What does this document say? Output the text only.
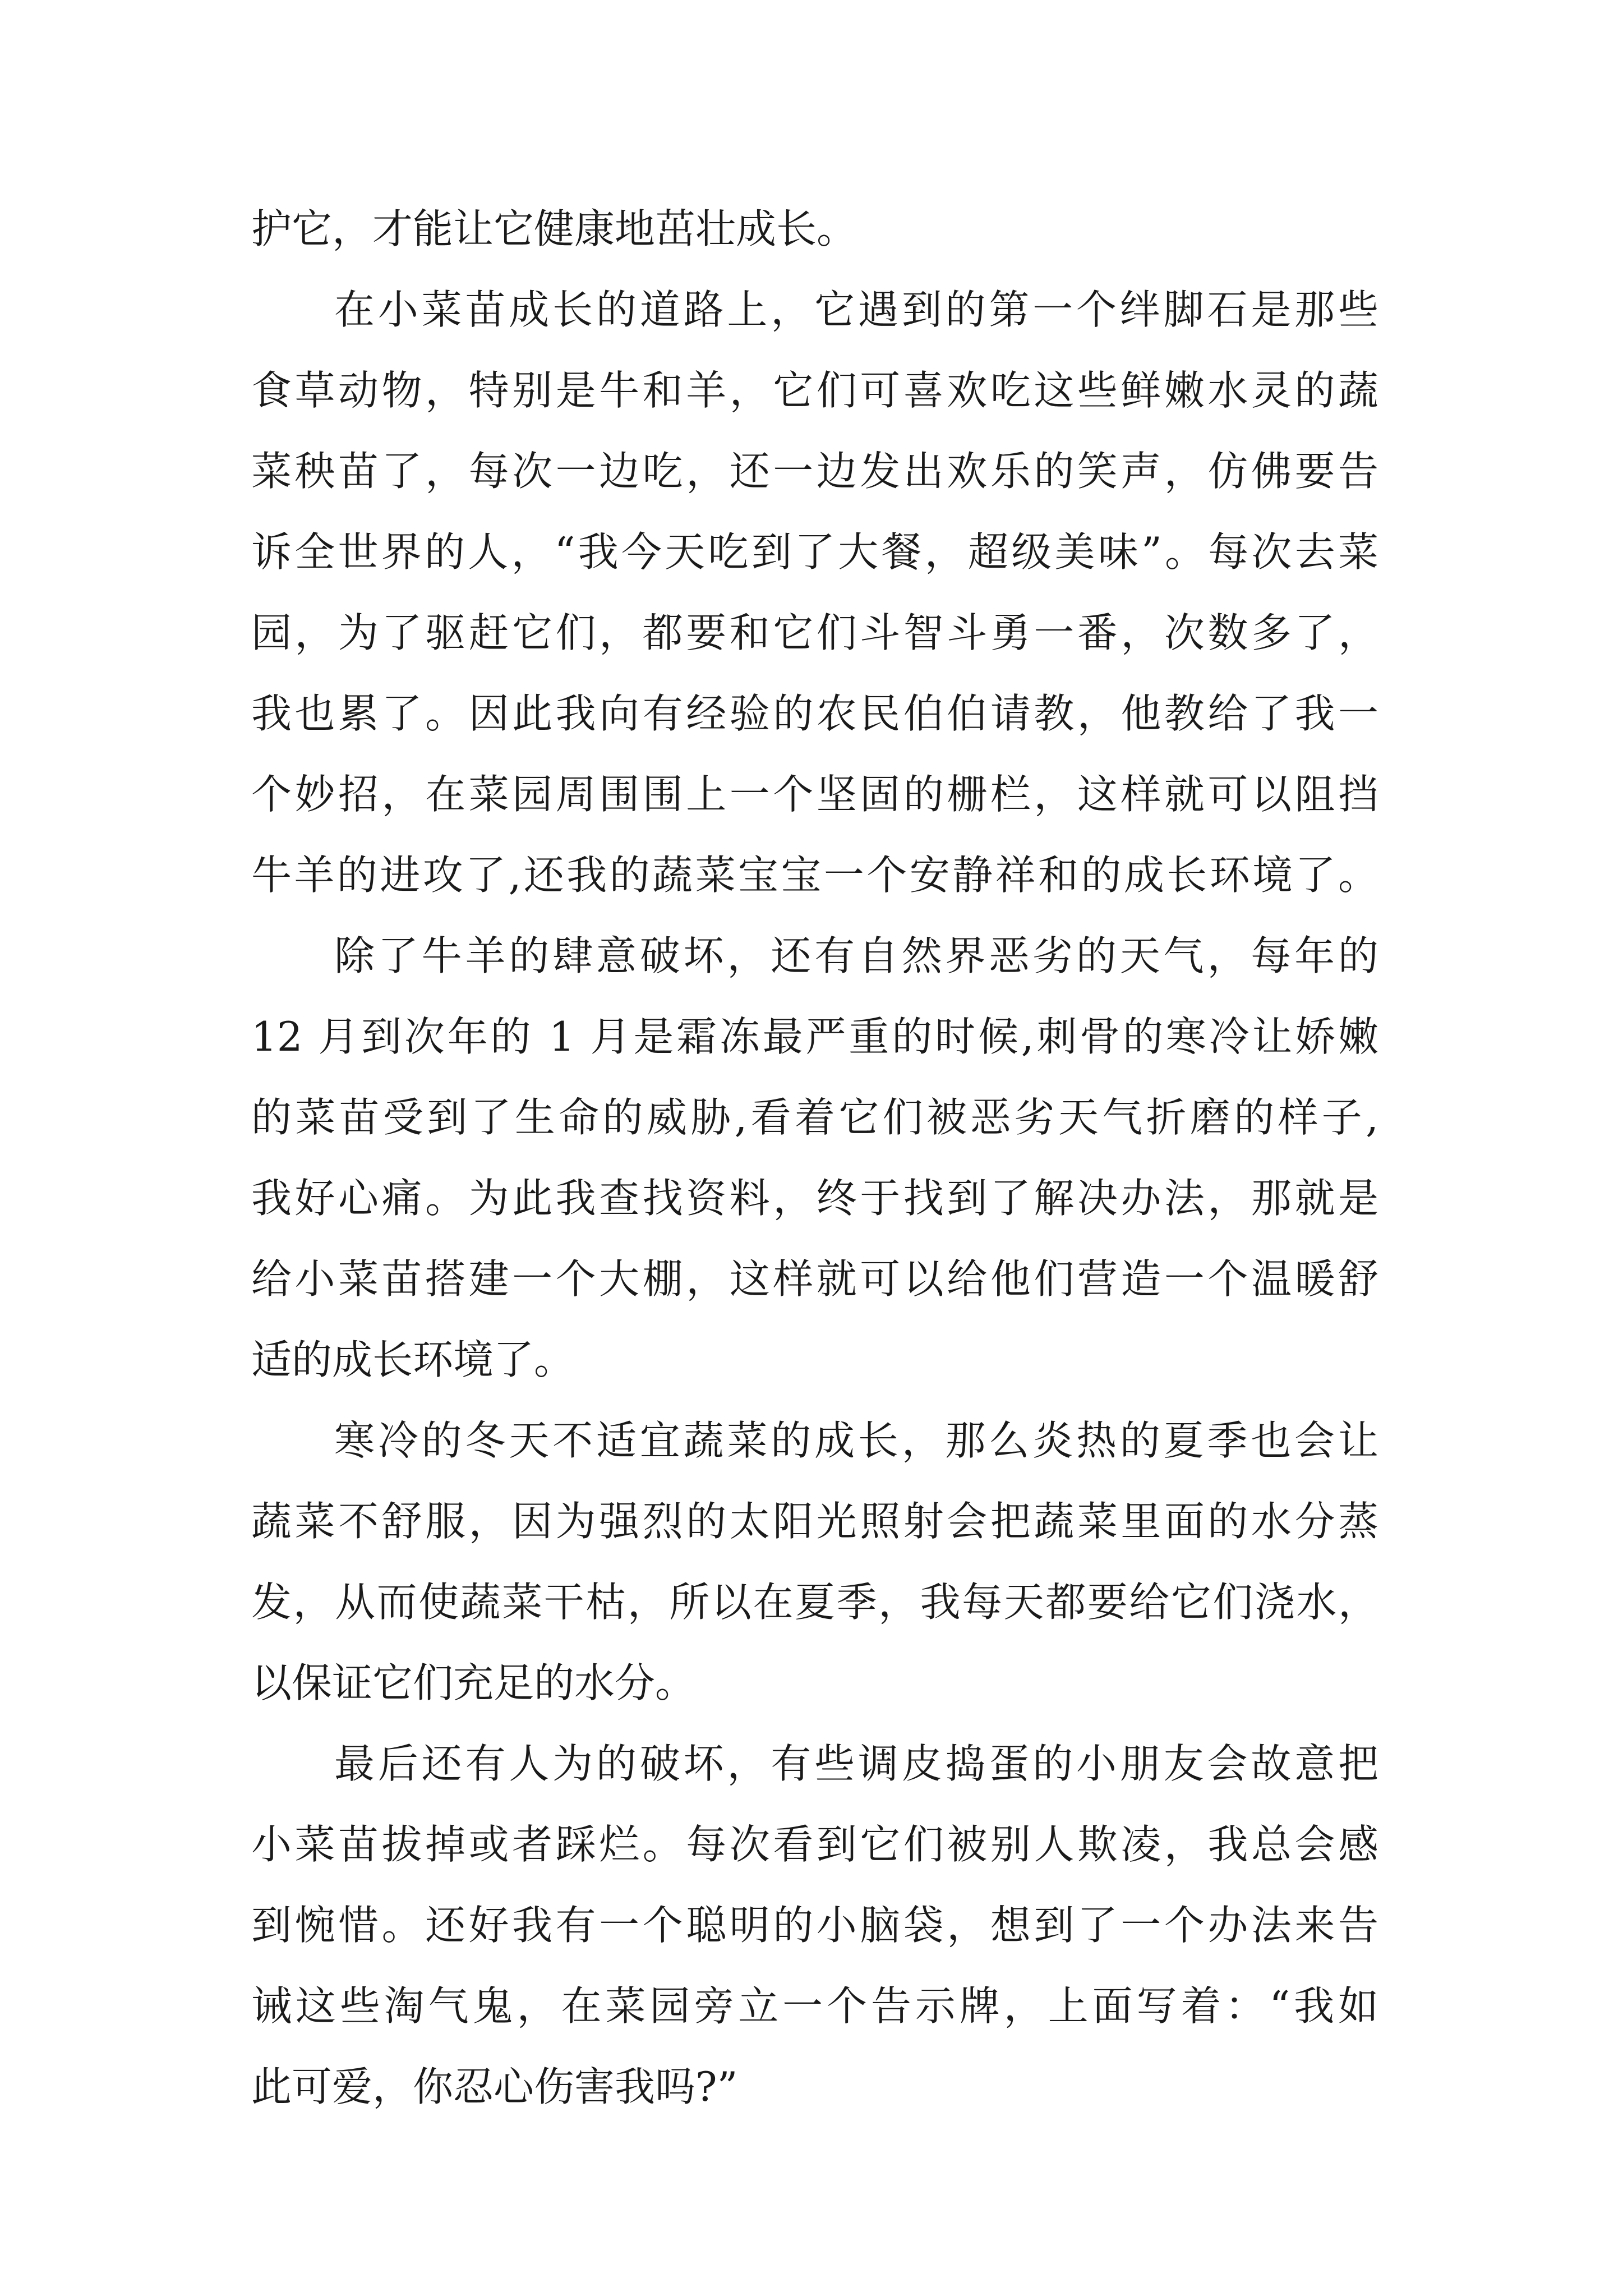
护它，才能让它健康地茁壮成长。

在小菜苗成长的道路上，它遇到的第一个绊脚石是那些

食草动物，特别是牛和羊，它们可喜欢吃这些鲜嫩水灵的蔬

菜秧苗了，每次一边吃，还一边发出欢乐的笑声，仿佛要告

诉全世界的人，“我今天吃到了大餐，超级美味”。每次去菜

园，为了驱赶它们，都要和它们斗智斗勇一番，次数多了，

我也累了。因此我向有经验的农民伯伯请教，他教给了我一

个妙招，在菜园周围围上一个坚固的栅栏，这样就可以阻挡

牛羊的进攻了,还我的蔬菜宝宝一个安静祥和的成长环境了。

除了牛羊的肆意破坏，还有自然界恶劣的天气，每年的

12 月到次年的 1 月是霜冻最严重的时候,刺骨的寒冷让娇嫩

的菜苗受到了生命的威胁,看着它们被恶劣天气折磨的样子,

我好心痛。为此我查找资料，终于找到了解决办法，那就是

给小菜苗搭建一个大棚，这样就可以给他们营造一个温暖舒

适的成长环境了。

寒冷的冬天不适宜蔬菜的成长，那么炎热的夏季也会让

蔬菜不舒服，因为强烈的太阳光照射会把蔬菜里面的水分蒸

发，从而使蔬菜干枯，所以在夏季，我每天都要给它们浇水，

以保证它们充足的水分。

最后还有人为的破坏，有些调皮捣蛋的小朋友会故意把

小菜苗拔掉或者踩烂。每次看到它们被别人欺凌，我总会感

到惋惜。还好我有一个聪明的小脑袋，想到了一个办法来告

诫这些淘气鬼，在菜园旁立一个告示牌，上面写着：“我如

此可爱，你忍心伤害我吗?”
